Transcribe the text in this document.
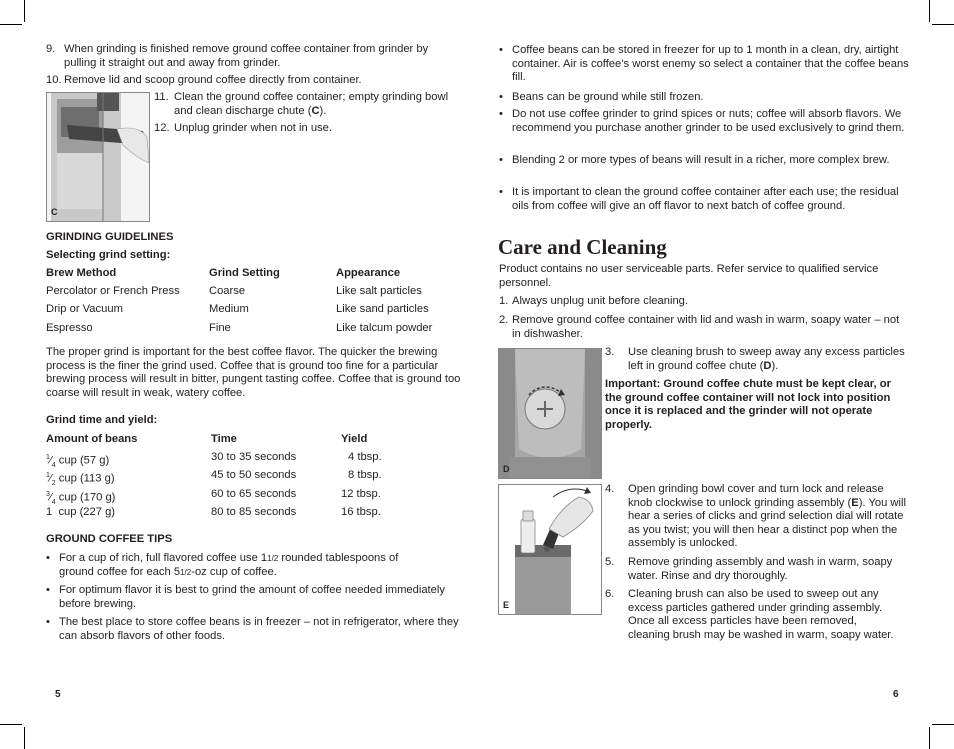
9. When grinding is finished remove ground coffee container from grinder by pulling it straight out and away from grinder.
10. Remove lid and scoop ground coffee directly from container.
C
11. Clean the ground coffee container; empty grinding bowl and clean discharge chute (C).
12. Unplug grinder when not in use.
GRINDING GUIDELINES
Selecting grind setting:
Brew Method	Grind Setting	Appearance
Percolator or French Press	Coarse	Like salt particles
Drip or Vacuum	Medium	Like sand particles
Espresso	Fine	Like talcum powder
The proper grind is important for the best coffee flavor. The quicker the brewing process is the finer the grind used. Coffee that is ground too fine for a particular brewing process will result in bitter, pungent tasting coffee. Coffee that is ground too coarse will result in weak, watery coffee.
Grind time and yield:
Amount of beans	Time	Yield
$^1⁄_4$ cup (57 g)	30 to 35 seconds	4 tbsp.
$^1⁄_2$ cup (113 g)	45 to 50 seconds	8 tbsp.
$^3⁄_4$ cup (170 g)	60 to 65 seconds	12 tbsp.
1  cup (227 g)	80 to 85 seconds	16 tbsp.
GROUND COFFEE TIPS
• For a cup of rich, full flavored coffee use 11/2 rounded tablespoons of
ground coffee for each 51/2-oz cup of coffee.
• For optimum flavor it is best to grind the amount of coffee needed immediately before brewing.
• The best place to store coffee beans is in freezer – not in refrigerator, where they can absorb flavors of other foods.
5
• Coffee beans can be stored in freezer for up to 1 month in a clean, dry, airtight container. Air is coffee’s worst enemy so select a container that the coffee beans fill.
• Beans can be ground while still frozen.
• Do not use coffee grinder to grind spices or nuts; coffee will absorb flavors. We recommend you purchase another grinder to be used exclusively to grind them.
• Blending 2 or more types of beans will result in a richer, more complex brew.
• It is important to clean the ground coffee container after each use; the residual oils from coffee will give an off flavor to next batch of coffee ground.
Care and Cleaning
Product contains no user serviceable parts. Refer service to qualified service personnel.
1. Always unplug unit before cleaning.
2. Remove ground coffee container with lid and wash in warm, soapy water – not in dishwasher.
D
3. Use cleaning brush to sweep away any excess particles left in ground coffee chute (D).
Important: Ground coffee chute must be kept clear, or the ground coffee container will not lock into position once it is replaced and the grinder will not operate properly.
E
4. Open grinding bowl cover and turn lock and release knob clockwise to unlock grinding assembly (E). You will hear a series of clicks and grind selection dial will rotate as you twist; you will then hear a distinct pop when the assembly is unlocked.
5. Remove grinding assembly and wash in warm, soapy water. Rinse and dry thoroughly.
6. Cleaning brush can also be used to sweep out any excess particles gathered under grinding assembly. Once all excess particles have been removed, cleaning brush may be washed in warm, soapy water.
6
